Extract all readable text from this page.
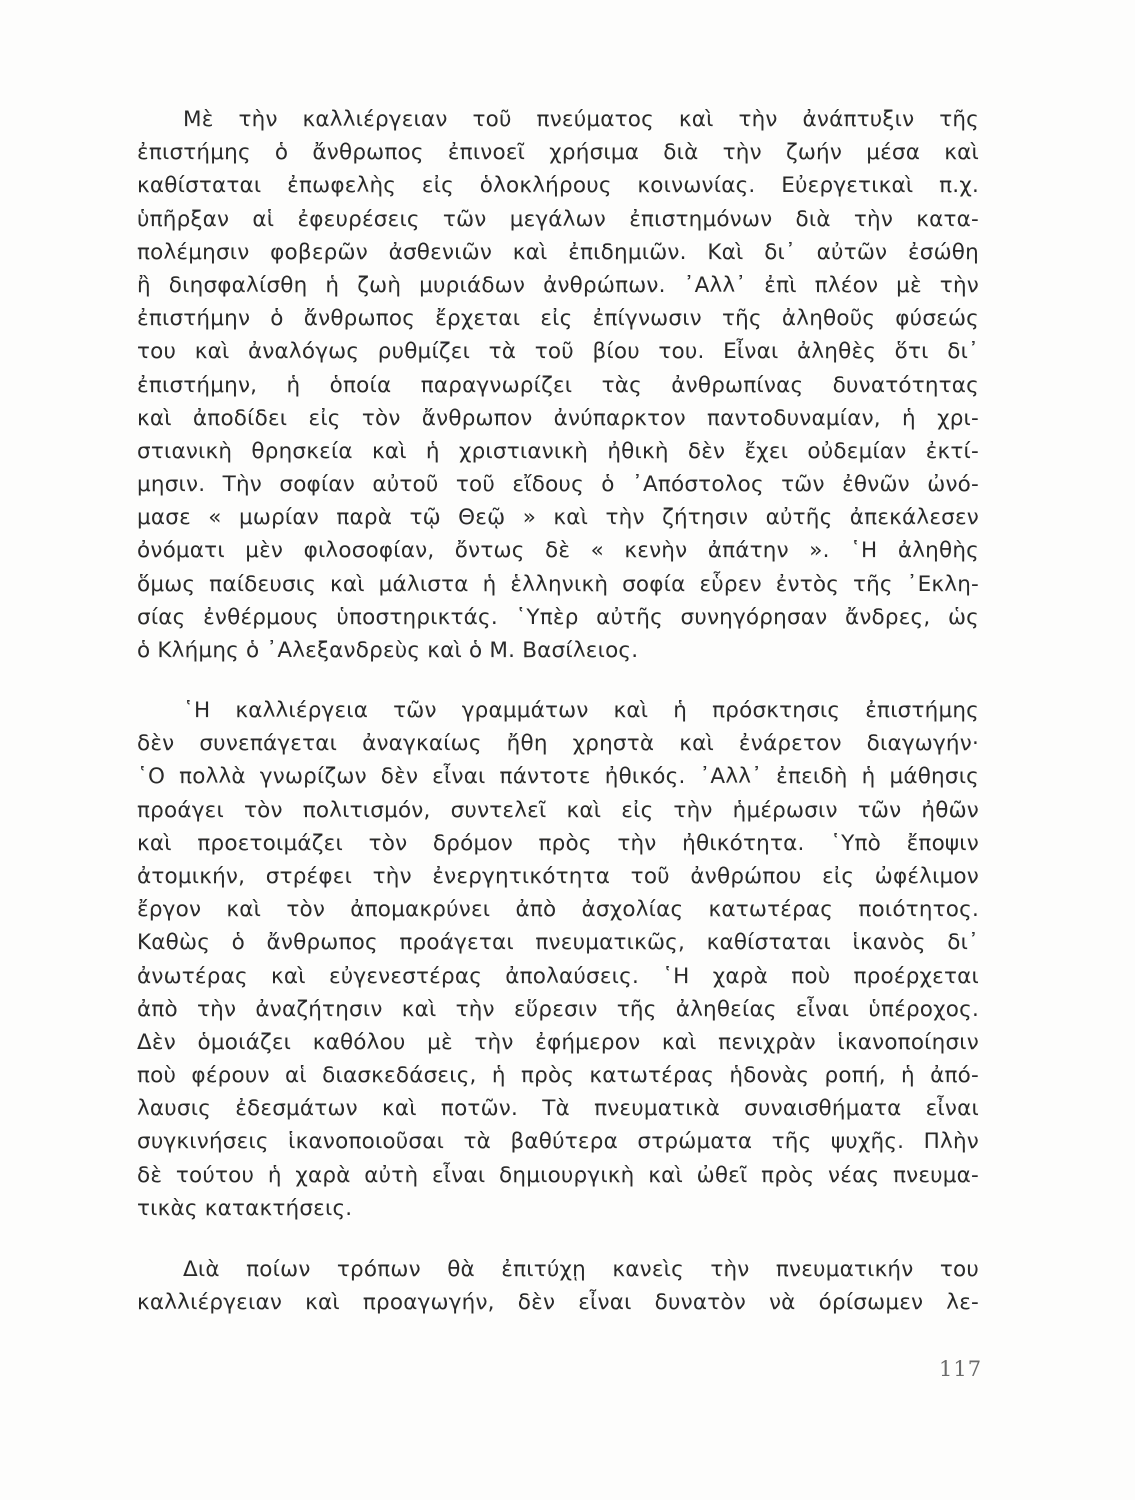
Μὲ τὴν καλλιέργειαν τοῦ πνεύματος καὶ τὴν ἀνάπτυξιν τῆς
ἐπιστήμης ὁ ἄνθρωπος ἐπινοεῖ χρήσιμα διὰ τὴν ζωήν μέσα καὶ
καθίσταται ἐπωφελὴς εἰς ὁλοκλήρους κοινωνίας. Εὐεργετικαὶ π.χ.
ὑπῆρξαν αἱ ἐφευρέσεις τῶν μεγάλων ἐπιστημόνων διὰ τὴν κατα-
πολέμησιν φοβερῶν ἀσθενιῶν καὶ ἐπιδημιῶν. Καὶ δι᾽ αὐτῶν ἐσώθη
ἢ διησφαλίσθη ἡ ζωὴ μυριάδων ἀνθρώπων. ᾽Αλλ᾽ ἐπὶ πλέον μὲ τὴν
ἐπιστήμην ὁ ἄνθρωπος ἔρχεται εἰς ἐπίγνωσιν τῆς ἀληθοῦς φύσεώς
του καὶ ἀναλόγως ρυθμίζει τὰ τοῦ βίου του. Εἶναι ἀληθὲς ὅτι δι᾽
ἐπιστήμην, ἡ ὁποία παραγνωρίζει τὰς ἀνθρωπίνας δυνατότητας
καὶ ἀποδίδει εἰς τὸν ἄνθρωπον ἀνύπαρκτον παντοδυναμίαν, ἡ χρι-
στιανικὴ θρησκεία καὶ ἡ χριστιανικὴ ἠθικὴ δὲν ἔχει οὐδεμίαν ἐκτί-
μησιν. Τὴν σοφίαν αὐτοῦ τοῦ εἴδους ὁ ᾽Απόστολος τῶν ἐθνῶν ὠνό-
μασε « μωρίαν παρὰ τῷ Θεῷ » καὶ τὴν ζήτησιν αὐτῆς ἀπεκάλεσεν
ὀνόματι μὲν φιλοσοφίαν, ὄντως δὲ « κενὴν ἀπάτην ». ῾Η ἀληθὴς
ὅμως παίδευσις καὶ μάλιστα ἡ ἑλληνικὴ σοφία εὗρεν ἐντὸς τῆς ᾽Εκλη-
σίας ἐνθέρμους ὑποστηρικτάς. ῾Υπὲρ αὐτῆς συνηγόρησαν ἄνδρες, ὡς
ὁ Κλήμης ὁ ᾽Αλεξανδρεὺς καὶ ὁ Μ. Βασίλειος.
῾Η καλλιέργεια τῶν γραμμάτων καὶ ἡ πρόσκτησις ἐπιστήμης
δὲν συνεπάγεται ἀναγκαίως ἤθη χρηστὰ καὶ ἐνάρετον διαγωγήν·
῾Ο πολλὰ γνωρίζων δὲν εἶναι πάντοτε ἠθικός. ᾽Αλλ᾽ ἐπειδὴ ἡ μάθησις
προάγει τὸν πολιτισμόν, συντελεῖ καὶ εἰς τὴν ἡμέρωσιν τῶν ἠθῶν
καὶ προετοιμάζει τὸν δρόμον πρὸς τὴν ἠθικότητα. ῾Υπὸ ἔποψιν
ἀτομικήν, στρέφει τὴν ἐνεργητικότητα τοῦ ἀνθρώπου εἰς ὠφέλιμον
ἔργον καὶ τὸν ἀπομακρύνει ἀπὸ ἀσχολίας κατωτέρας ποιότητος.
Καθὼς ὁ ἄνθρωπος προάγεται πνευματικῶς, καθίσταται ἱκανὸς δι᾽
ἀνωτέρας καὶ εὐγενεστέρας ἀπολαύσεις. ῾Η χαρὰ ποὺ προέρχεται
ἀπὸ τὴν ἀναζήτησιν καὶ τὴν εὕρεσιν τῆς ἀληθείας εἶναι ὑπέροχος.
Δὲν ὁμοιάζει καθόλου μὲ τὴν ἐφήμερον καὶ πενιχρὰν ἱκανοποίησιν
ποὺ φέρουν αἱ διασκεδάσεις, ἡ πρὸς κατωτέρας ἡδονὰς ροπή, ἡ ἀπό-
λαυσις ἐδεσμάτων καὶ ποτῶν. Τὰ πνευματικὰ συναισθήματα εἶναι
συγκινήσεις ἱκανοποιοῦσαι τὰ βαθύτερα στρώματα τῆς ψυχῆς. Πλὴν
δὲ τούτου ἡ χαρὰ αὐτὴ εἶναι δημιουργικὴ καὶ ὠθεῖ πρὸς νέας πνευμα-
τικὰς κατακτήσεις.
Διὰ ποίων τρόπων θὰ ἐπιτύχῃ κανεὶς τὴν πνευματικήν του
καλλιέργειαν καὶ προαγωγήν, δὲν εἶναι δυνατὸν νὰ όρίσωμεν λε-
117
